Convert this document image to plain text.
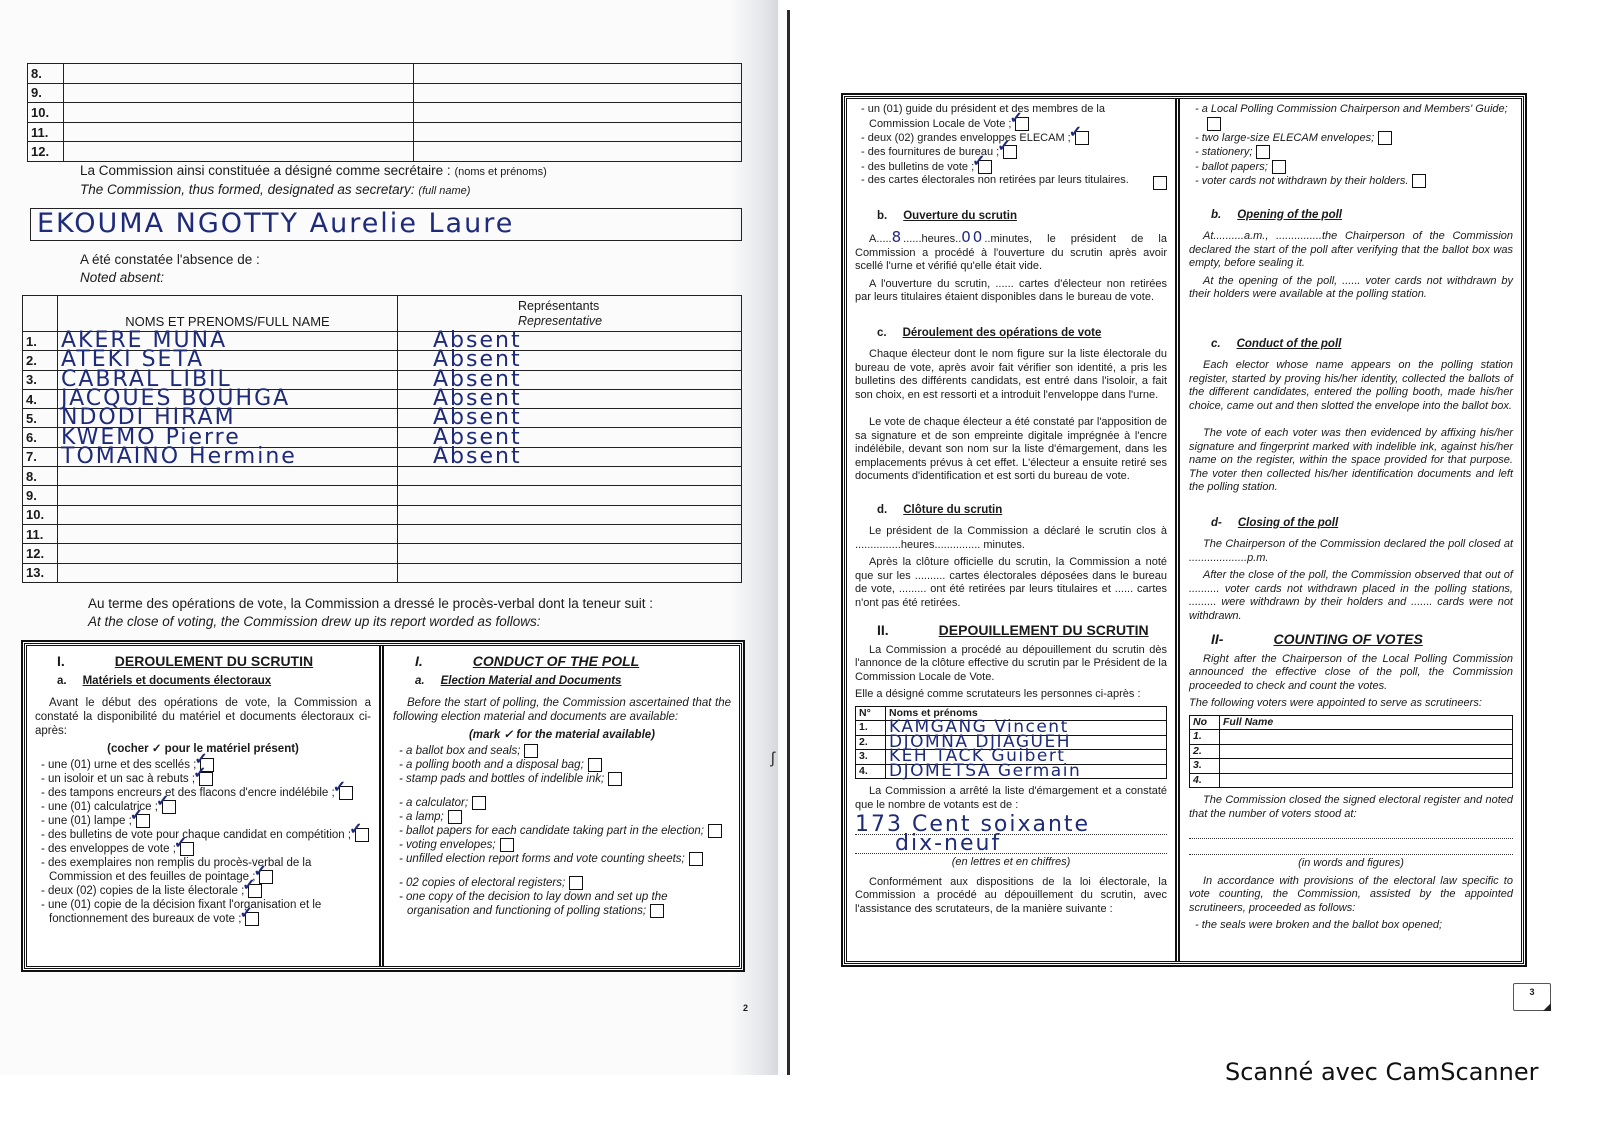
8.		
9.		
10.		
11.		
12.		
La Commission ainsi constituée a désigné comme secrétaire : (noms et prénoms)
The Commission, thus formed, designated as secretary: (full name)
EKOUMA NGOTTY Aurelie Laure
A été constatée l'absence de :
Noted absent:
	NOMS ET PRENOMS/FULL NAME	Représentants
Representative

1.	AKERE MUNA	Absent
2.	ATEKI SETA	Absent
3.	CABRAL LIBIL	Absent
4.	JACQUES BOUHGA	Absent
5.	NDODI HIRAM	Absent
6.	KWEMO Pierre	Absent
7.	TOMAINO Hermine	Absent
8.		
9.		
10.		
11.		
12.		
13.		
Au terme des opérations de vote, la Commission a dressé le procès-verbal dont la teneur suit :
At the close of voting, the Commission drew up its report worded as follows:
I.	DEROULEMENT DU SCRUTIN
a. Matériels et documents électoraux

Avant le début des opérations de vote, la Commission a constaté la disponibilité du matériel et documents électoraux ci-après:

(cocher ✓ pour le matériel présent)

- une (01) urne et des scellés ;✓

- un isoloir et un sac à rebuts ;✓

- des tampons encreurs et des flacons d'encre indélébile ;✓

- une (01) calculatrice ;✓

- une (01) lampe ;✓

- des bulletins de vote pour chaque candidat en compétition ;✓

- des enveloppes de vote ;✓

- des exemplaires non remplis du procès-verbal de la Commission et des feuilles de pointage ;✓

- deux (02) copies de la liste électorale ;✓

- une (01) copie de la décision fixant l'organisation et le fonctionnement des bureaux de vote ;✓

I.	CONDUCT OF THE POLL
a. Election Material and Documents

Before the start of polling, the Commission ascertained that the following election material and documents are available:

(mark ✓ for the material available)

- a ballot box and seals;

- a polling booth and a disposal bag;

- stamp pads and bottles of indelible ink;

- a calculator;

- a lamp;

- ballot papers for each candidate taking part in the election;

- voting envelopes;

- unfilled election report forms and vote counting sheets;

- 02 copies of electoral registers;

- one copy of the decision to lay down and set up the organisation and functioning of polling stations;

2
ʃ

- un (01) guide du président et des membres de la Commission Locale de Vote ;✓

- deux (02) grandes enveloppes ELECAM ;✓

- des fournitures de bureau ;✓

- des bulletins de vote ;✓

- des cartes électorales non retirées par leurs titulaires.

b. Ouverture du scrutin

A.....8......heures..00..minutes, le président de la Commission a procédé à l'ouverture du scrutin après avoir scellé l'urne et vérifié qu'elle était vide.

A l'ouverture du scrutin, ...... cartes d'électeur non retirées par leurs titulaires étaient disponibles dans le bureau de vote.

c. Déroulement des opérations de vote

Chaque électeur dont le nom figure sur la liste électorale du bureau de vote, après avoir fait vérifier son identité, a pris les bulletins des différents candidats, est entré dans l'isoloir, a fait son choix, en est ressorti et a introduit l'enveloppe dans l'urne.

Le vote de chaque électeur a été constaté par l'apposition de sa signature et de son empreinte digitale imprégnée à l'encre indélébile, devant son nom sur la liste d'émargement, dans les emplacements prévus à cet effet. L'électeur a ensuite retiré ses documents d'identification et est sorti du bureau de vote.

d. Clôture du scrutin

Le président de la Commission a déclaré le scrutin clos à ...............heures............... minutes.

Après la clôture officielle du scrutin, la Commission a noté que sur les .......... cartes électorales déposées dans le bureau de vote, ......... ont été retirées par leurs titulaires et ...... cartes n'ont pas été retirées.

II.	DEPOUILLEMENT DU SCRUTIN

La Commission a procédé au dépouillement du scrutin dès l'annonce de la clôture effective du scrutin par le Président de la Commission Locale de Vote.

Elle a désigné comme scrutateurs les personnes ci-après :

N°	Noms et prénoms
1.	KAMGANG Vincent
2.	DJOMNA DJIAGUEH
3.	KEH TACK Guibert
4.	DJOMETSA Germain

La Commission a arrêté la liste d'émargement et a constaté que le nombre de votants est de :

173 Cent soixante
dix-neuf

(en lettres et en chiffres)

Conformément aux dispositions de la loi électorale, la Commission a procédé au dépouillement du scrutin, avec l'assistance des scrutateurs, de la manière suivante :

- a Local Polling Commission Chairperson and Members' Guide;

- two large-size ELECAM envelopes;

- stationery;

- ballot papers;

- voter cards not withdrawn by their holders.

b. Opening of the poll

At..........a.m., ...............the Chairperson of the Commission declared the start of the poll after verifying that the ballot box was empty, before sealing it.

At the opening of the poll, ...... voter cards not withdrawn by their holders were available at the polling station.

c. Conduct of the poll

Each elector whose name appears on the polling station register, started by proving his/her identity, collected the ballots of the different candidates, entered the polling booth, made his/her choice, came out and then slotted the envelope into the ballot box.

The vote of each voter was then evidenced by affixing his/her signature and fingerprint marked with indelible ink, against his/her name on the register, within the space provided for that purpose. The voter then collected his/her identification documents and left the polling station.

d- Closing of the poll

The Chairperson of the Commission declared the poll closed at ...................p.m.

After the close of the poll, the Commission observed that out of .......... voter cards not withdrawn placed in the polling stations, ......... were withdrawn by their holders and ....... cards were not withdrawn.

II-	COUNTING OF VOTES

Right after the Chairperson of the Local Polling Commission announced the effective close of the poll, the Commission proceeded to check and count the votes.

The following voters were appointed to serve as scrutineers:

No	Full Name
1.	
2.	
3.	
4.	

The Commission closed the signed electoral register and noted that the number of voters stood at:

(in words and figures)

In accordance with provisions of the electoral law specific to vote counting, the Commission, assisted by the appointed scrutineers, proceeded as follows:

- the seals were broken and the ballot box opened;

3
Scanné avec CamScanner
